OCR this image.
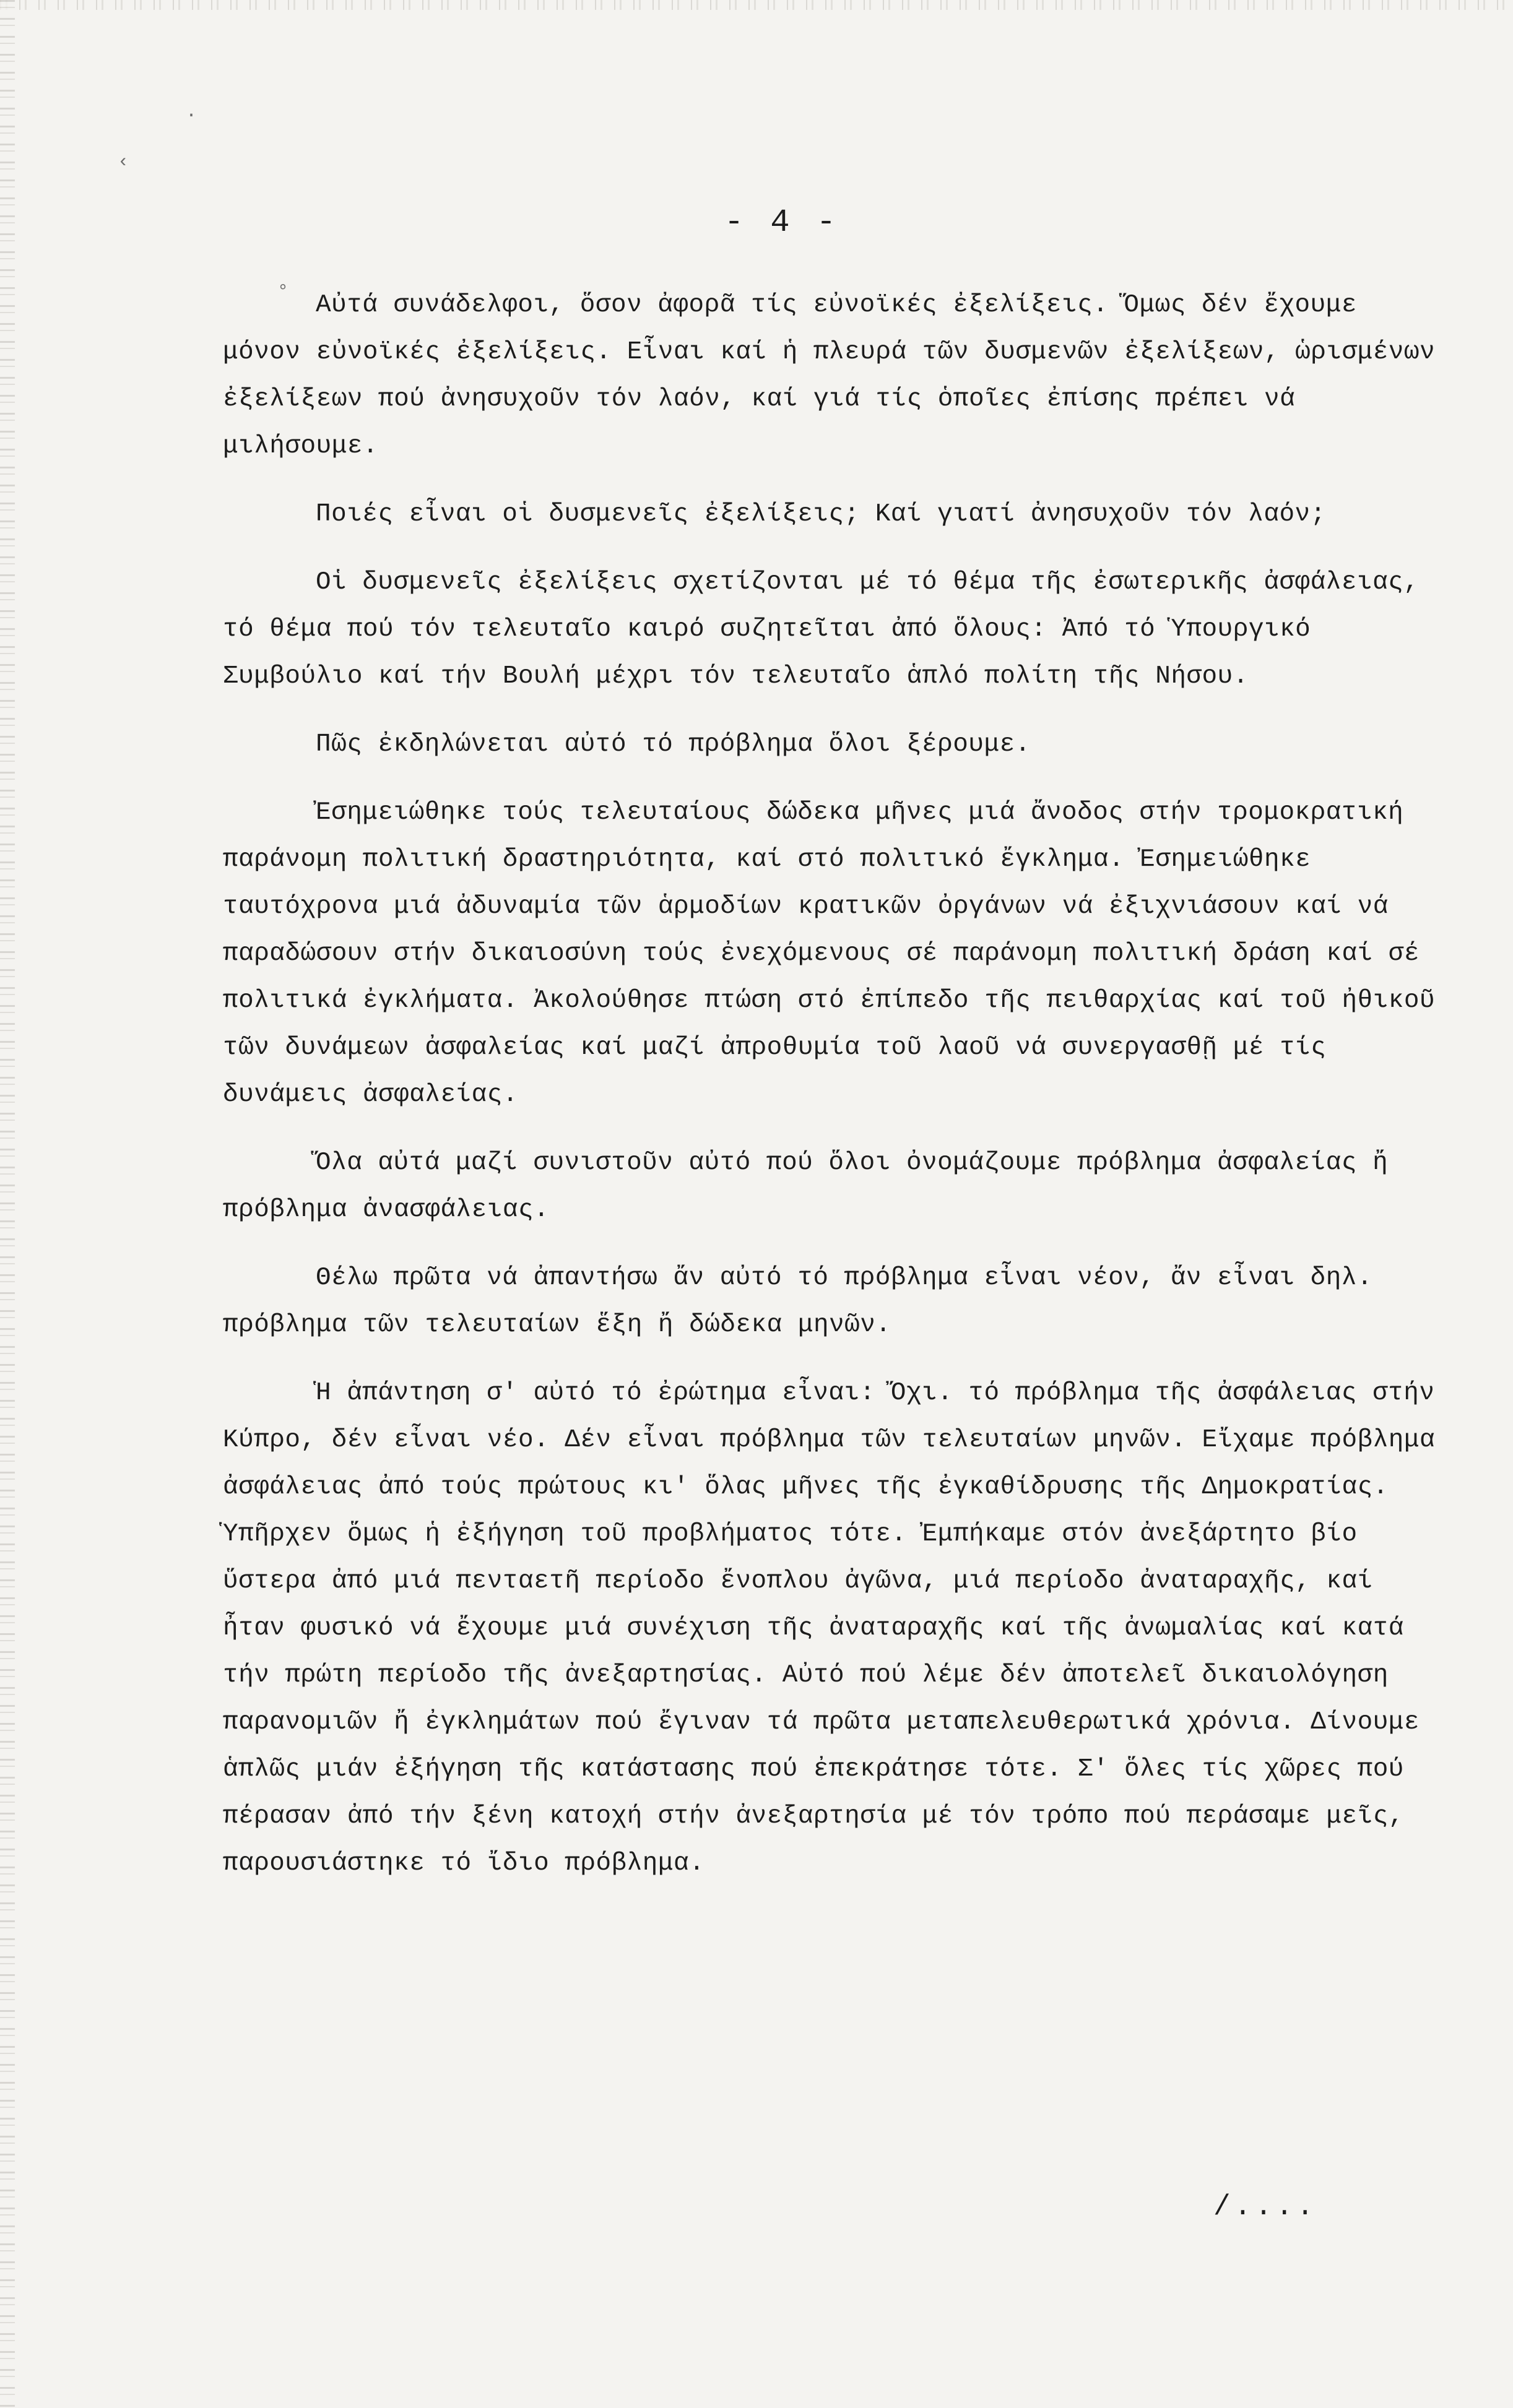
- 4 -

Αὐτά συνάδελφοι, ὅσον ἀφορᾶ τίς εὐνοϊκές ἐξελίξεις. Ὅμως δέν ἔχουμε μόνον εὐνοϊκές ἐξελίξεις. Εἶναι καί ἡ πλευρά τῶν δυσμενῶν ἐξελίξεων, ὡρισμένων ἐξελίξεων πού ἀνησυχοῦν τόν λαόν, καί γιά τίς ὁποῖες ἐπίσης πρέπει νά μιλήσουμε.

Ποιές εἶναι οἱ δυσμενεῖς ἐξελίξεις; Καί γιατί ἀνησυχοῦν τόν λαόν;

Οἱ δυσμενεῖς ἐξελίξεις σχετίζονται μέ τό θέμα τῆς ἐσωτερικῆς ἀσφάλειας, τό θέμα πού τόν τελευταῖο καιρό συζητεῖται ἀπό ὅλους: Ἀπό τό Ὑπουργικό Συμβούλιο καί τήν Βουλή μέχρι τόν τελευταῖο ἁπλό πολίτη τῆς Νήσου.

Πῶς ἐκδηλώνεται αὐτό τό πρόβλημα ὅλοι ξέρουμε.

Ἐσημειώθηκε τούς τελευταίους δώδεκα μῆνες μιά ἄνοδος στήν τρομοκρατική παράνομη πολιτική δραστηριότητα, καί στό πολιτικό ἔγκλημα. Ἐσημειώθηκε ταυτόχρονα μιά ἀδυναμία τῶν ἁρμοδίων κρατικῶν ὀργάνων νά ἐξιχνιάσουν καί νά παραδώσουν στήν δικαιοσύνη τούς ἐνεχόμενους σέ παράνομη πολιτική δράση καί σέ πολιτικά ἐγκλήματα. Ἀκολούθησε πτώση στό ἐπίπεδο τῆς πειθαρχίας καί τοῦ ἠθικοῦ τῶν δυνάμεων ἀσφαλείας καί μαζί ἀπροθυμία τοῦ λαοῦ νά συνεργασθῇ μέ τίς δυνάμεις ἀσφαλείας.

Ὅλα αὐτά μαζί συνιστοῦν αὐτό πού ὅλοι ὀνομάζουμε πρόβλημα ἀσφαλείας ἤ πρόβλημα ἀνασφάλειας.

Θέλω πρῶτα νά ἀπαντήσω ἄν αὐτό τό πρόβλημα εἶναι νέον, ἄν εἶναι δηλ. πρόβλημα τῶν τελευταίων ἕξη ἤ δώδεκα μηνῶν.

Ἡ ἀπάντηση σ' αὐτό τό ἐρώτημα εἶναι: Ὄχι. τό πρόβλημα τῆς ἀσφάλειας στήν Κύπρο, δέν εἶναι νέο. Δέν εἶναι πρόβλημα τῶν τελευταίων μηνῶν. Εἴχαμε πρόβλημα ἀσφάλειας ἀπό τούς πρώτους κι' ὅλας μῆνες τῆς ἐγκαθίδρυσης τῆς Δημοκρατίας. Ὑπῆρχεν ὅμως ἡ ἐξήγηση τοῦ προβλήματος τότε. Ἐμπήκαμε στόν ἀνεξάρτητο βίο ὕστερα ἀπό μιά πενταετῆ περίοδο ἔνοπλου ἀγῶνα, μιά περίοδο ἀναταραχῆς, καί ἦταν φυσικό νά ἔχουμε μιά συνέχιση τῆς ἀναταραχῆς καί τῆς ἀνωμαλίας καί κατά τήν πρώτη περίοδο τῆς ἀνεξαρτησίας. Αὐτό πού λέμε δέν ἀποτελεῖ δικαιολόγηση παρανομιῶν ἤ ἐγκλημάτων πού ἔγιναν τά πρῶτα μεταπελευθερωτικά χρόνια. Δίνουμε ἁπλῶς μιάν ἐξήγηση τῆς κατάστασης πού ἐπεκράτησε τότε. Σ' ὅλες τίς χῶρες πού πέρασαν ἀπό τήν ξένη κατοχή στήν ἀνεξαρτησία μέ τόν τρόπο πού περάσαμε μεῖς, παρουσιάστηκε τό ἴδιο πρόβλημα.

/....
·
‹
°
